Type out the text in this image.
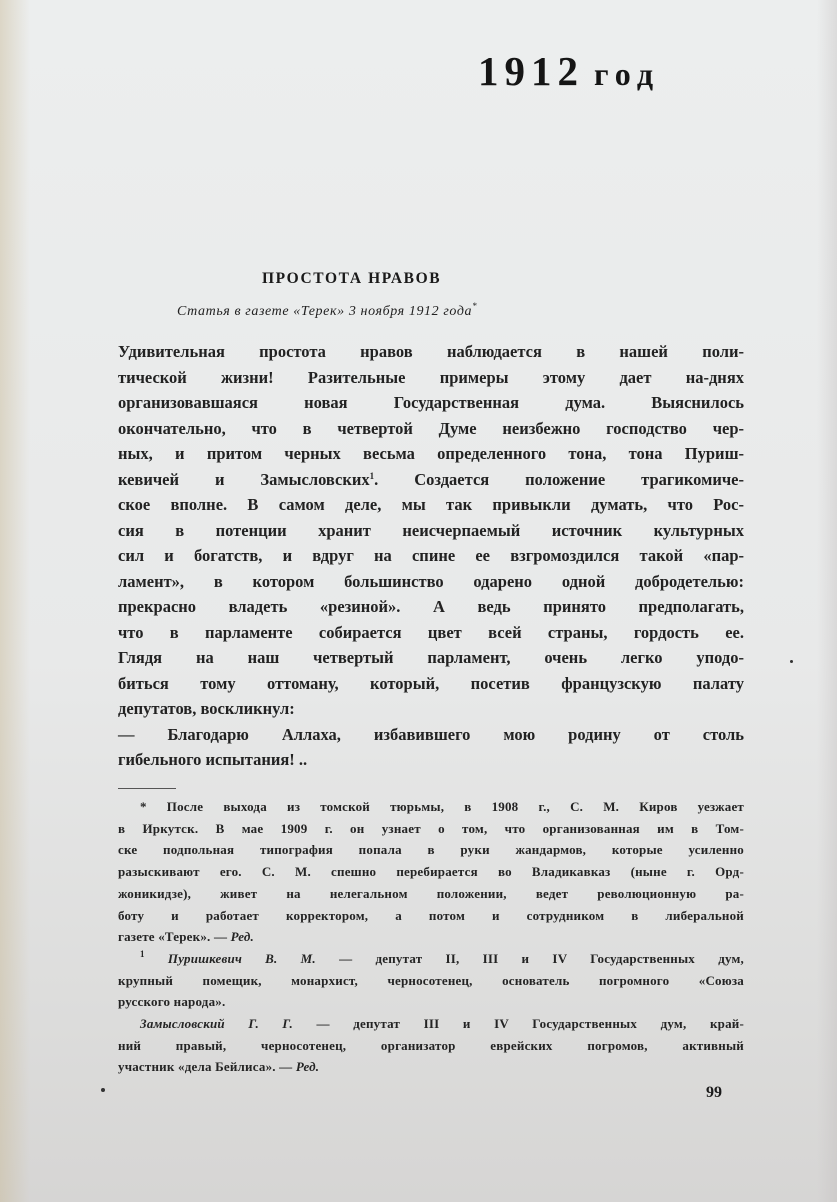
1912 год
ПРОСТОТА НРАВОВ
Статья в газете «Терек» 3 ноября 1912 года*
Удивительная простота нравов наблюдается в нашей поли-
тической жизни! Разительные примеры этому дает на-днях
организовавшаяся новая Государственная дума. Выяснилось
окончательно, что в четвертой Думе неизбежно господство чер-
ных, и притом черных весьма определенного тона, тона Пуриш-
кевичей и Замысловских$^1$. Создается положение трагикомиче-
ское вполне. В самом деле, мы так привыкли думать, что Рос-
сия в потенции хранит неисчерпаемый источник культурных
сил и богатств, и вдруг на спине ее взгромоздился такой «пар-
ламент», в котором большинство одарено одной добродетелью:
прекрасно владеть «резиной». А ведь принято предполагать,
что в парламенте собирается цвет всей страны, гордость ее.
Глядя на наш четвертый парламент, очень легко уподо-
биться тому оттоману, который, посетив французскую палату
депутатов, воскликнул:
— Благодарю Аллаха, избавившего мою родину от столь
гибельного испытания! ..
* После выхода из томской тюрьмы, в 1908 г., С. М. Киров уезжает
в Иркутск. В мае 1909 г. он узнает о том, что организованная им в Том-
ске подпольная типография попала в руки жандармов, которые усиленно
разыскивают его. С. М. спешно перебирается во Владикавказ (ныне г. Орд-
жоникидзе), живет на нелегальном положении, ведет революционную ра-
боту и работает корректором, а потом и сотрудником в либеральной
газете «Терек». — Ред.
$^1$ Пуришкевич В. М. — депутат II, III и IV Государственных дум,
крупный помещик, монархист, черносотенец, основатель погромного «Союза
русского народа».
Замысловский Г. Г. — депутат III и IV Государственных дум, край-
ний правый, черносотенец, организатор еврейских погромов, активный
участник «дела Бейлиса». — Ред.
99
